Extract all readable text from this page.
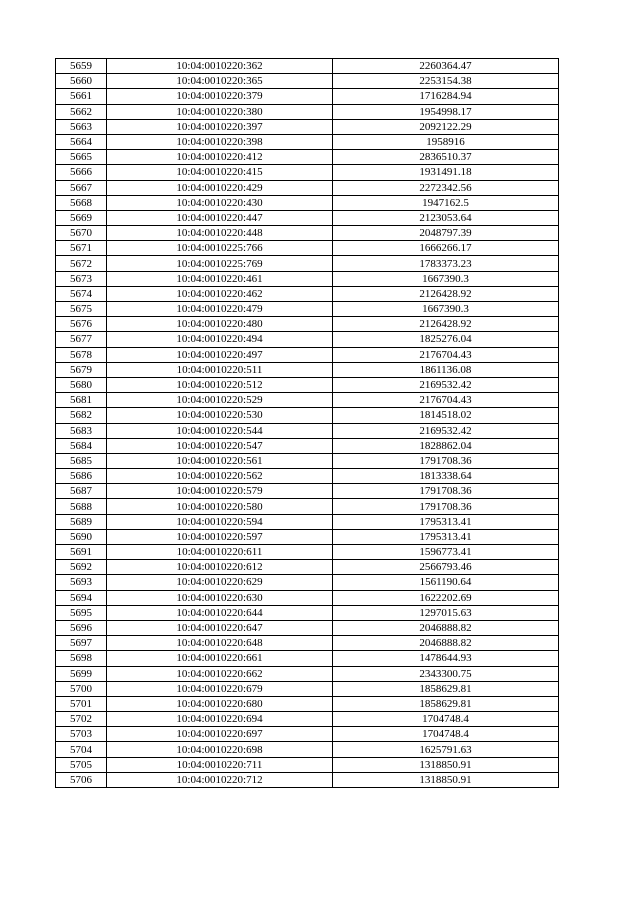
5659	10:04:0010220:362	2260364.47
5660	10:04:0010220:365	2253154.38
5661	10:04:0010220:379	1716284.94
5662	10:04:0010220:380	1954998.17
5663	10:04:0010220:397	2092122.29
5664	10:04:0010220:398	1958916
5665	10:04:0010220:412	2836510.37
5666	10:04:0010220:415	1931491.18
5667	10:04:0010220:429	2272342.56
5668	10:04:0010220:430	1947162.5
5669	10:04:0010220:447	2123053.64
5670	10:04:0010220:448	2048797.39
5671	10:04:0010225:766	1666266.17
5672	10:04:0010225:769	1783373.23
5673	10:04:0010220:461	1667390.3
5674	10:04:0010220:462	2126428.92
5675	10:04:0010220:479	1667390.3
5676	10:04:0010220:480	2126428.92
5677	10:04:0010220:494	1825276.04
5678	10:04:0010220:497	2176704.43
5679	10:04:0010220:511	1861136.08
5680	10:04:0010220:512	2169532.42
5681	10:04:0010220:529	2176704.43
5682	10:04:0010220:530	1814518.02
5683	10:04:0010220:544	2169532.42
5684	10:04:0010220:547	1828862.04
5685	10:04:0010220:561	1791708.36
5686	10:04:0010220:562	1813338.64
5687	10:04:0010220:579	1791708.36
5688	10:04:0010220:580	1791708.36
5689	10:04:0010220:594	1795313.41
5690	10:04:0010220:597	1795313.41
5691	10:04:0010220:611	1596773.41
5692	10:04:0010220:612	2566793.46
5693	10:04:0010220:629	1561190.64
5694	10:04:0010220:630	1622202.69
5695	10:04:0010220:644	1297015.63
5696	10:04:0010220:647	2046888.82
5697	10:04:0010220:648	2046888.82
5698	10:04:0010220:661	1478644.93
5699	10:04:0010220:662	2343300.75
5700	10:04:0010220:679	1858629.81
5701	10:04:0010220:680	1858629.81
5702	10:04:0010220:694	1704748.4
5703	10:04:0010220:697	1704748.4
5704	10:04:0010220:698	1625791.63
5705	10:04:0010220:711	1318850.91
5706	10:04:0010220:712	1318850.91
